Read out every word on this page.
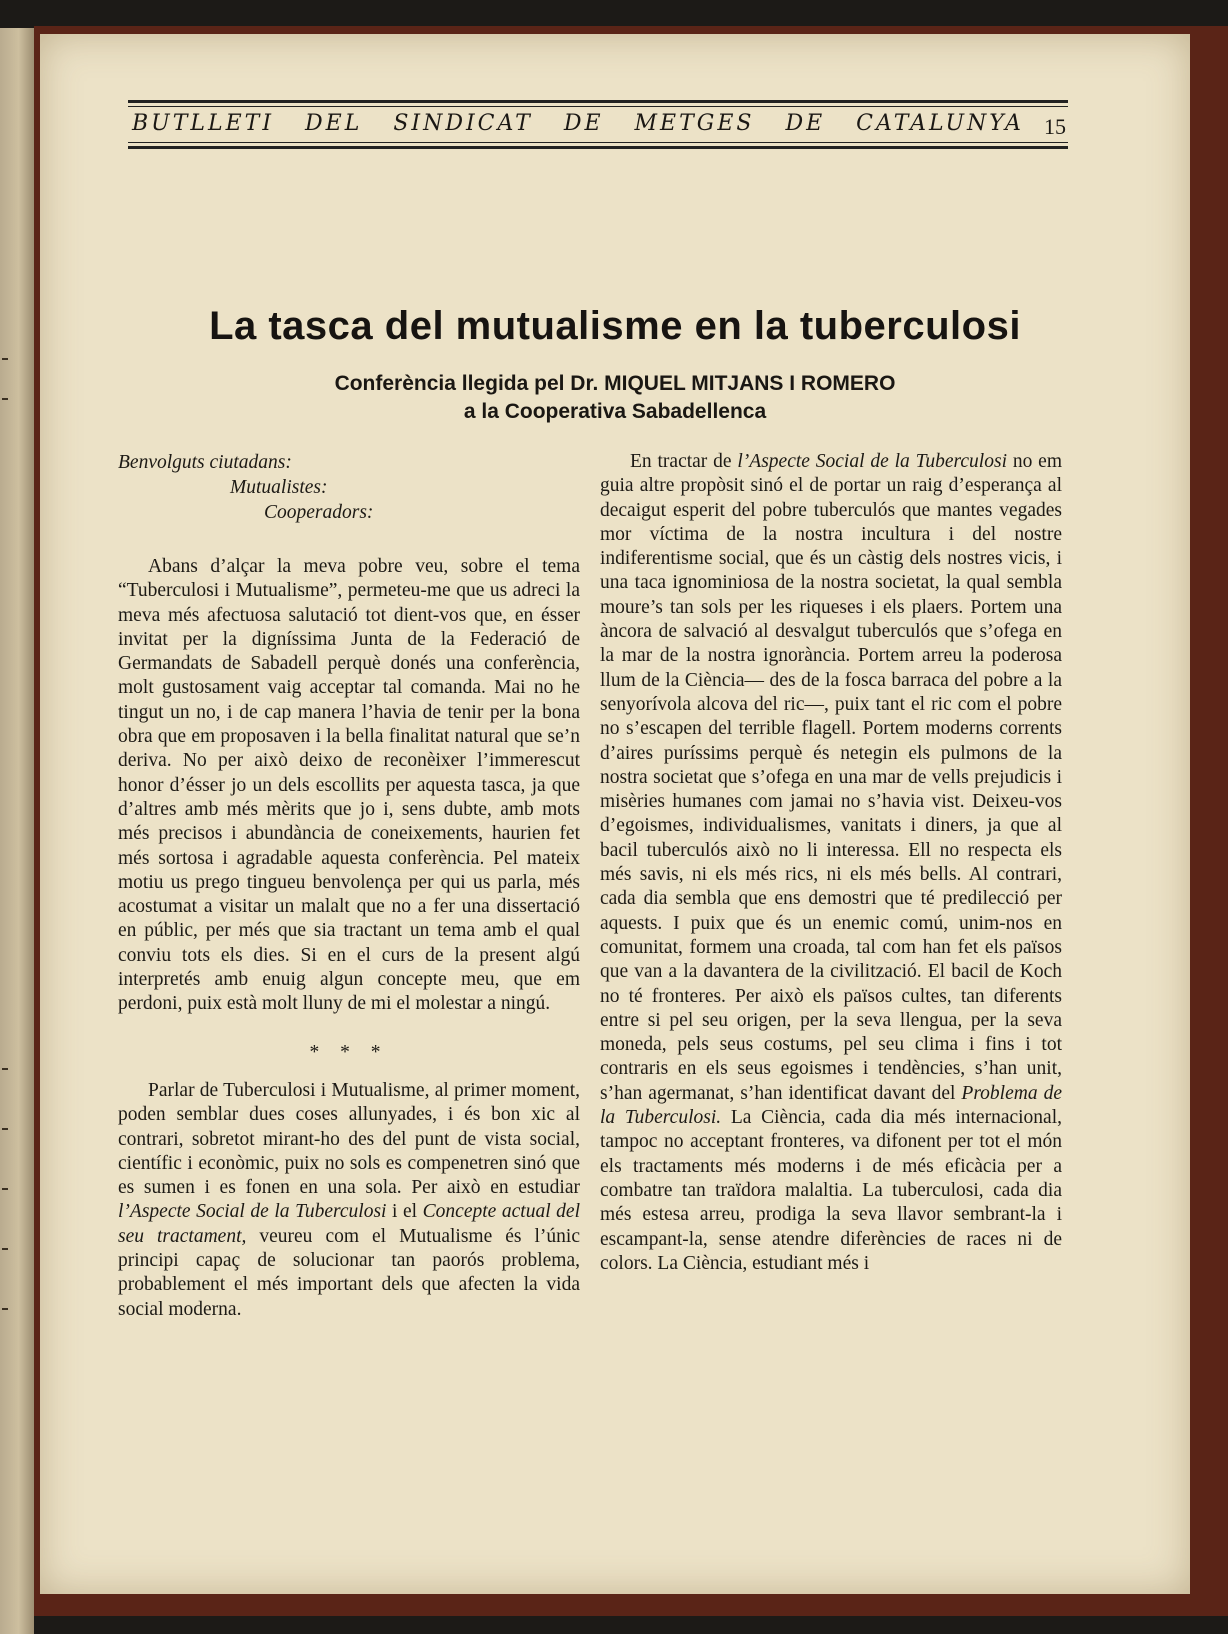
BUTLLETI DEL SINDICAT DE METGES DE CATALUNYA 15
La tasca del mutualisme en la tuberculosi
Conferència llegida pel Dr. MIQUEL MITJANS I ROMERO
a la Cooperativa Sabadellenca

Benvolguts ciutadans:

Mutualistes:

Cooperadors:

Abans d’alçar la meva pobre veu, sobre el tema “Tuberculosi i Mutualisme”, permeteu-me que us adreci la meva més afectuosa salutació tot dient-vos que, en ésser invitat per la digníssima Junta de la Federació de Germandats de Sabadell perquè donés una conferència, molt gustosament vaig acceptar tal comanda. Mai no he tingut un no, i de cap manera l’havia de tenir per la bona obra que em proposaven i la bella finalitat natural que se’n deriva. No per això deixo de reconèixer l’immerescut honor d’ésser jo un dels escollits per aquesta tasca, ja que d’altres amb més mèrits que jo i, sens dubte, amb mots més precisos i abundància de coneixements, haurien fet més sortosa i agradable aquesta conferència. Pel mateix motiu us prego tingueu benvolença per qui us parla, més acostumat a visitar un malalt que no a fer una dissertació en públic, per més que sia tractant un tema amb el qual conviu tots els dies. Si en el curs de la present algú interpretés amb enuig algun concepte meu, que em perdoni, puix està molt lluny de mi el molestar a ningú.

* * *

Parlar de Tuberculosi i Mutualisme, al primer moment, poden semblar dues coses allunyades, i és bon xic al contrari, sobretot mirant-ho des del punt de vista social, científic i econòmic, puix no sols es compenetren sinó que es sumen i es fonen en una sola. Per això en estudiar l’Aspecte Social de la Tuberculosi i el Concepte actual del seu tractament, veureu com el Mutualisme és l’únic principi capaç de solucionar tan paorós problema, probablement el més important dels que afecten la vida social moderna.

En tractar de l’Aspecte Social de la Tuberculosi no em guia altre propòsit sinó el de portar un raig d’esperança al decaigut esperit del pobre tuberculós que mantes vegades mor víctima de la nostra incultura i del nostre indiferentisme social, que és un càstig dels nostres vicis, i una taca ignominiosa de la nostra societat, la qual sembla moure’s tan sols per les riqueses i els plaers. Portem una àncora de salvació al desvalgut tuberculós que s’ofega en la mar de la nostra ignorància. Portem arreu la poderosa llum de la Ciència— des de la fosca barraca del pobre a la senyorívola alcova del ric—, puix tant el ric com el pobre no s’escapen del terrible flagell. Portem moderns corrents d’aires puríssims perquè és netegin els pulmons de la nostra societat que s’ofega en una mar de vells prejudicis i misèries humanes com jamai no s’havia vist. Deixeu-vos d’egoismes, individualismes, vanitats i diners, ja que al bacil tuberculós això no li interessa. Ell no respecta els més savis, ni els més rics, ni els més bells. Al contrari, cada dia sembla que ens demostri que té predilecció per aquests. I puix que és un enemic comú, unim-nos en comunitat, formem una croada, tal com han fet els països que van a la davantera de la civilització. El bacil de Koch no té fronteres. Per això els països cultes, tan diferents entre si pel seu origen, per la seva llengua, per la seva moneda, pels seus costums, pel seu clima i fins i tot contraris en els seus egoismes i tendències, s’han unit, s’han agermanat, s’han identificat davant del Problema de la Tuberculosi. La Ciència, cada dia més internacional, tampoc no acceptant fronteres, va difonent per tot el món els tractaments més moderns i de més eficàcia per a combatre tan traïdora malaltia. La tuberculosi, cada dia més estesa arreu, prodiga la seva llavor sembrant-la i escampant-la, sense atendre diferències de races ni de colors. La Ciència, estudiant més i
